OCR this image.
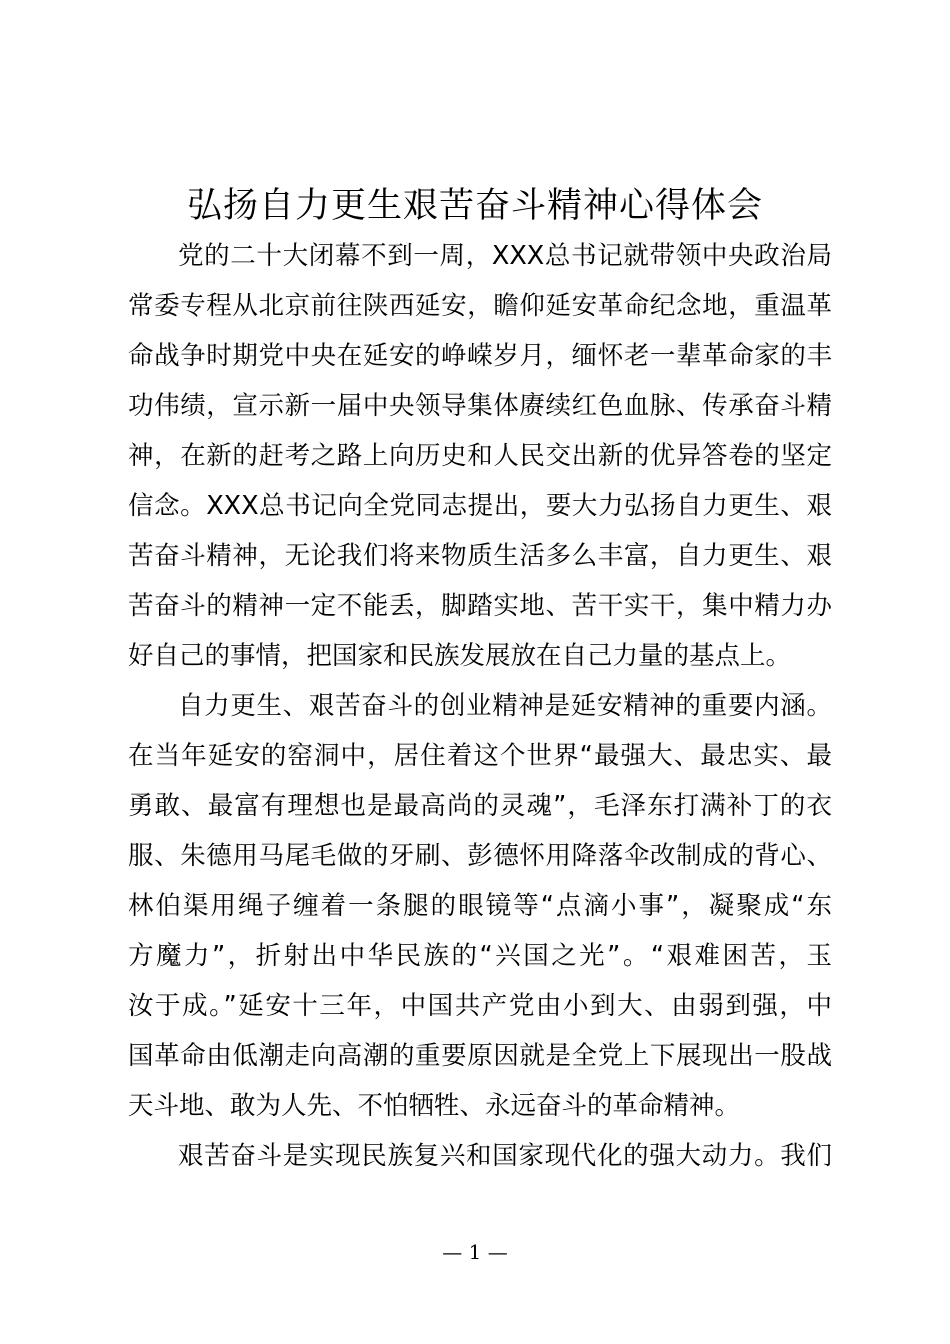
弘扬自力更生艰苦奋斗精神心得体会
党的二十大闭幕不到一周，XXX总书记就带领中央政治局
常委专程从北京前往陕西延安，瞻仰延安革命纪念地，重温革
命战争时期党中央在延安的峥嵘岁月，缅怀老一辈革命家的丰
功伟绩，宣示新一届中央领导集体赓续红色血脉、传承奋斗精
神，在新的赶考之路上向历史和人民交出新的优异答卷的坚定
信念。XXX总书记向全党同志提出，要大力弘扬自力更生、艰
苦奋斗精神，无论我们将来物质生活多么丰富，自力更生、艰
苦奋斗的精神一定不能丢，脚踏实地、苦干实干，集中精力办
好自己的事情，把国家和民族发展放在自己力量的基点上。
自力更生、艰苦奋斗的创业精神是延安精神的重要内涵。
在当年延安的窑洞中，居住着这个世界“最强大、最忠实、最
勇敢、最富有理想也是最高尚的灵魂”，毛泽东打满补丁的衣
服、朱德用马尾毛做的牙刷、彭德怀用降落伞改制成的背心、
林伯渠用绳子缠着一条腿的眼镜等“点滴小事”，凝聚成“东
方魔力”，折射出中华民族的“兴国之光”。“艰难困苦，玉
汝于成。”延安十三年，中国共产党由小到大、由弱到强，中
国革命由低潮走向高潮的重要原因就是全党上下展现出一股战
天斗地、敢为人先、不怕牺牲、永远奋斗的革命精神。
艰苦奋斗是实现民族复兴和国家现代化的强大动力。我们
— 1 —
